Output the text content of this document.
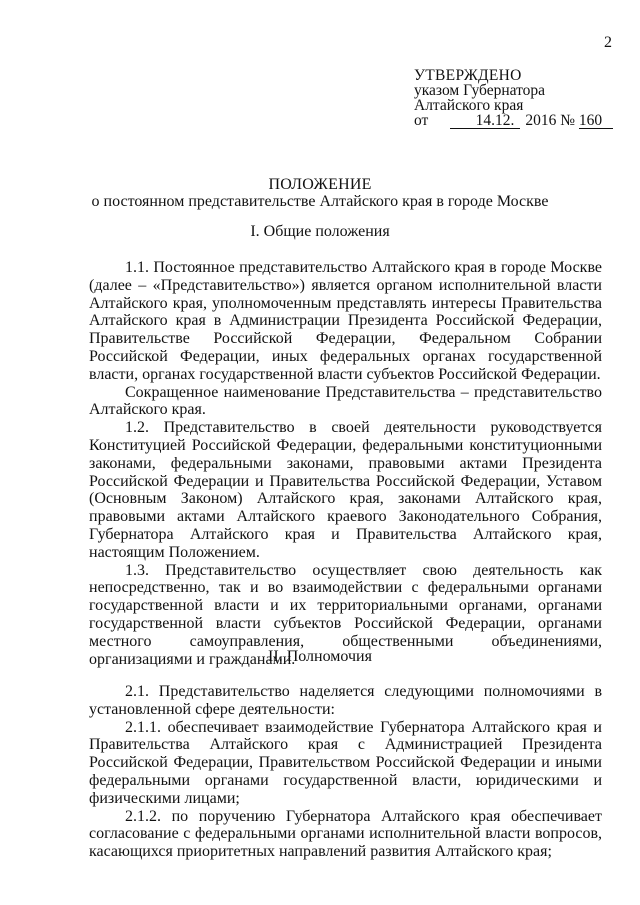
2
УТВЕРЖДЕНО
указом Губернатора
Алтайского края
от	14.12. 2016 № 160
ПОЛОЖЕНИЕ
о постоянном представительстве Алтайского края в городе Москве
I. Общие положения

1.1. Постоянное представительство Алтайского края в городе Москве (далее – «Представительство») является органом исполнительной власти Алтайского края, уполномоченным представлять интересы Правительства Алтайского края в Администрации Президента Российской Федерации, Правительстве Российской Федерации, Федеральном Собрании Российской Федерации, иных федеральных органах государственной власти, органах государственной власти субъектов Российской Федерации.

Сокращенное наименование Представительства – представительство Алтайского края.

1.2. Представительство в своей деятельности руководствуется Конституцией Российской Федерации, федеральными конституционными законами, федеральными законами, правовыми актами Президента Российской Федерации и Правительства Российской Федерации, Уставом (Основным Законом) Алтайского края, законами Алтайского края, правовыми актами Алтайского краевого Законодательного Собрания, Губернатора Алтайского края и Правительства Алтайского края, настоящим Положением.

1.3. Представительство осуществляет свою деятельность как непосредственно, так и во взаимодействии с федеральными органами государственной власти и их территориальными органами, органами государственной власти субъектов Российской Федерации, органами местного самоуправления, общественными объединениями, организациями и гражданами.

II. Полномочия

2.1. Представительство наделяется следующими полномочиями в установленной сфере деятельности:

2.1.1. обеспечивает взаимодействие Губернатора Алтайского края и Правительства Алтайского края с Администрацией Президента Российской Федерации, Правительством Российской Федерации и иными федеральными органами государственной власти, юридическими и физическими лицами;

2.1.2. по поручению Губернатора Алтайского края обеспечивает согласование с федеральными органами исполнительной власти вопросов, касающихся приоритетных направлений развития Алтайского края;
